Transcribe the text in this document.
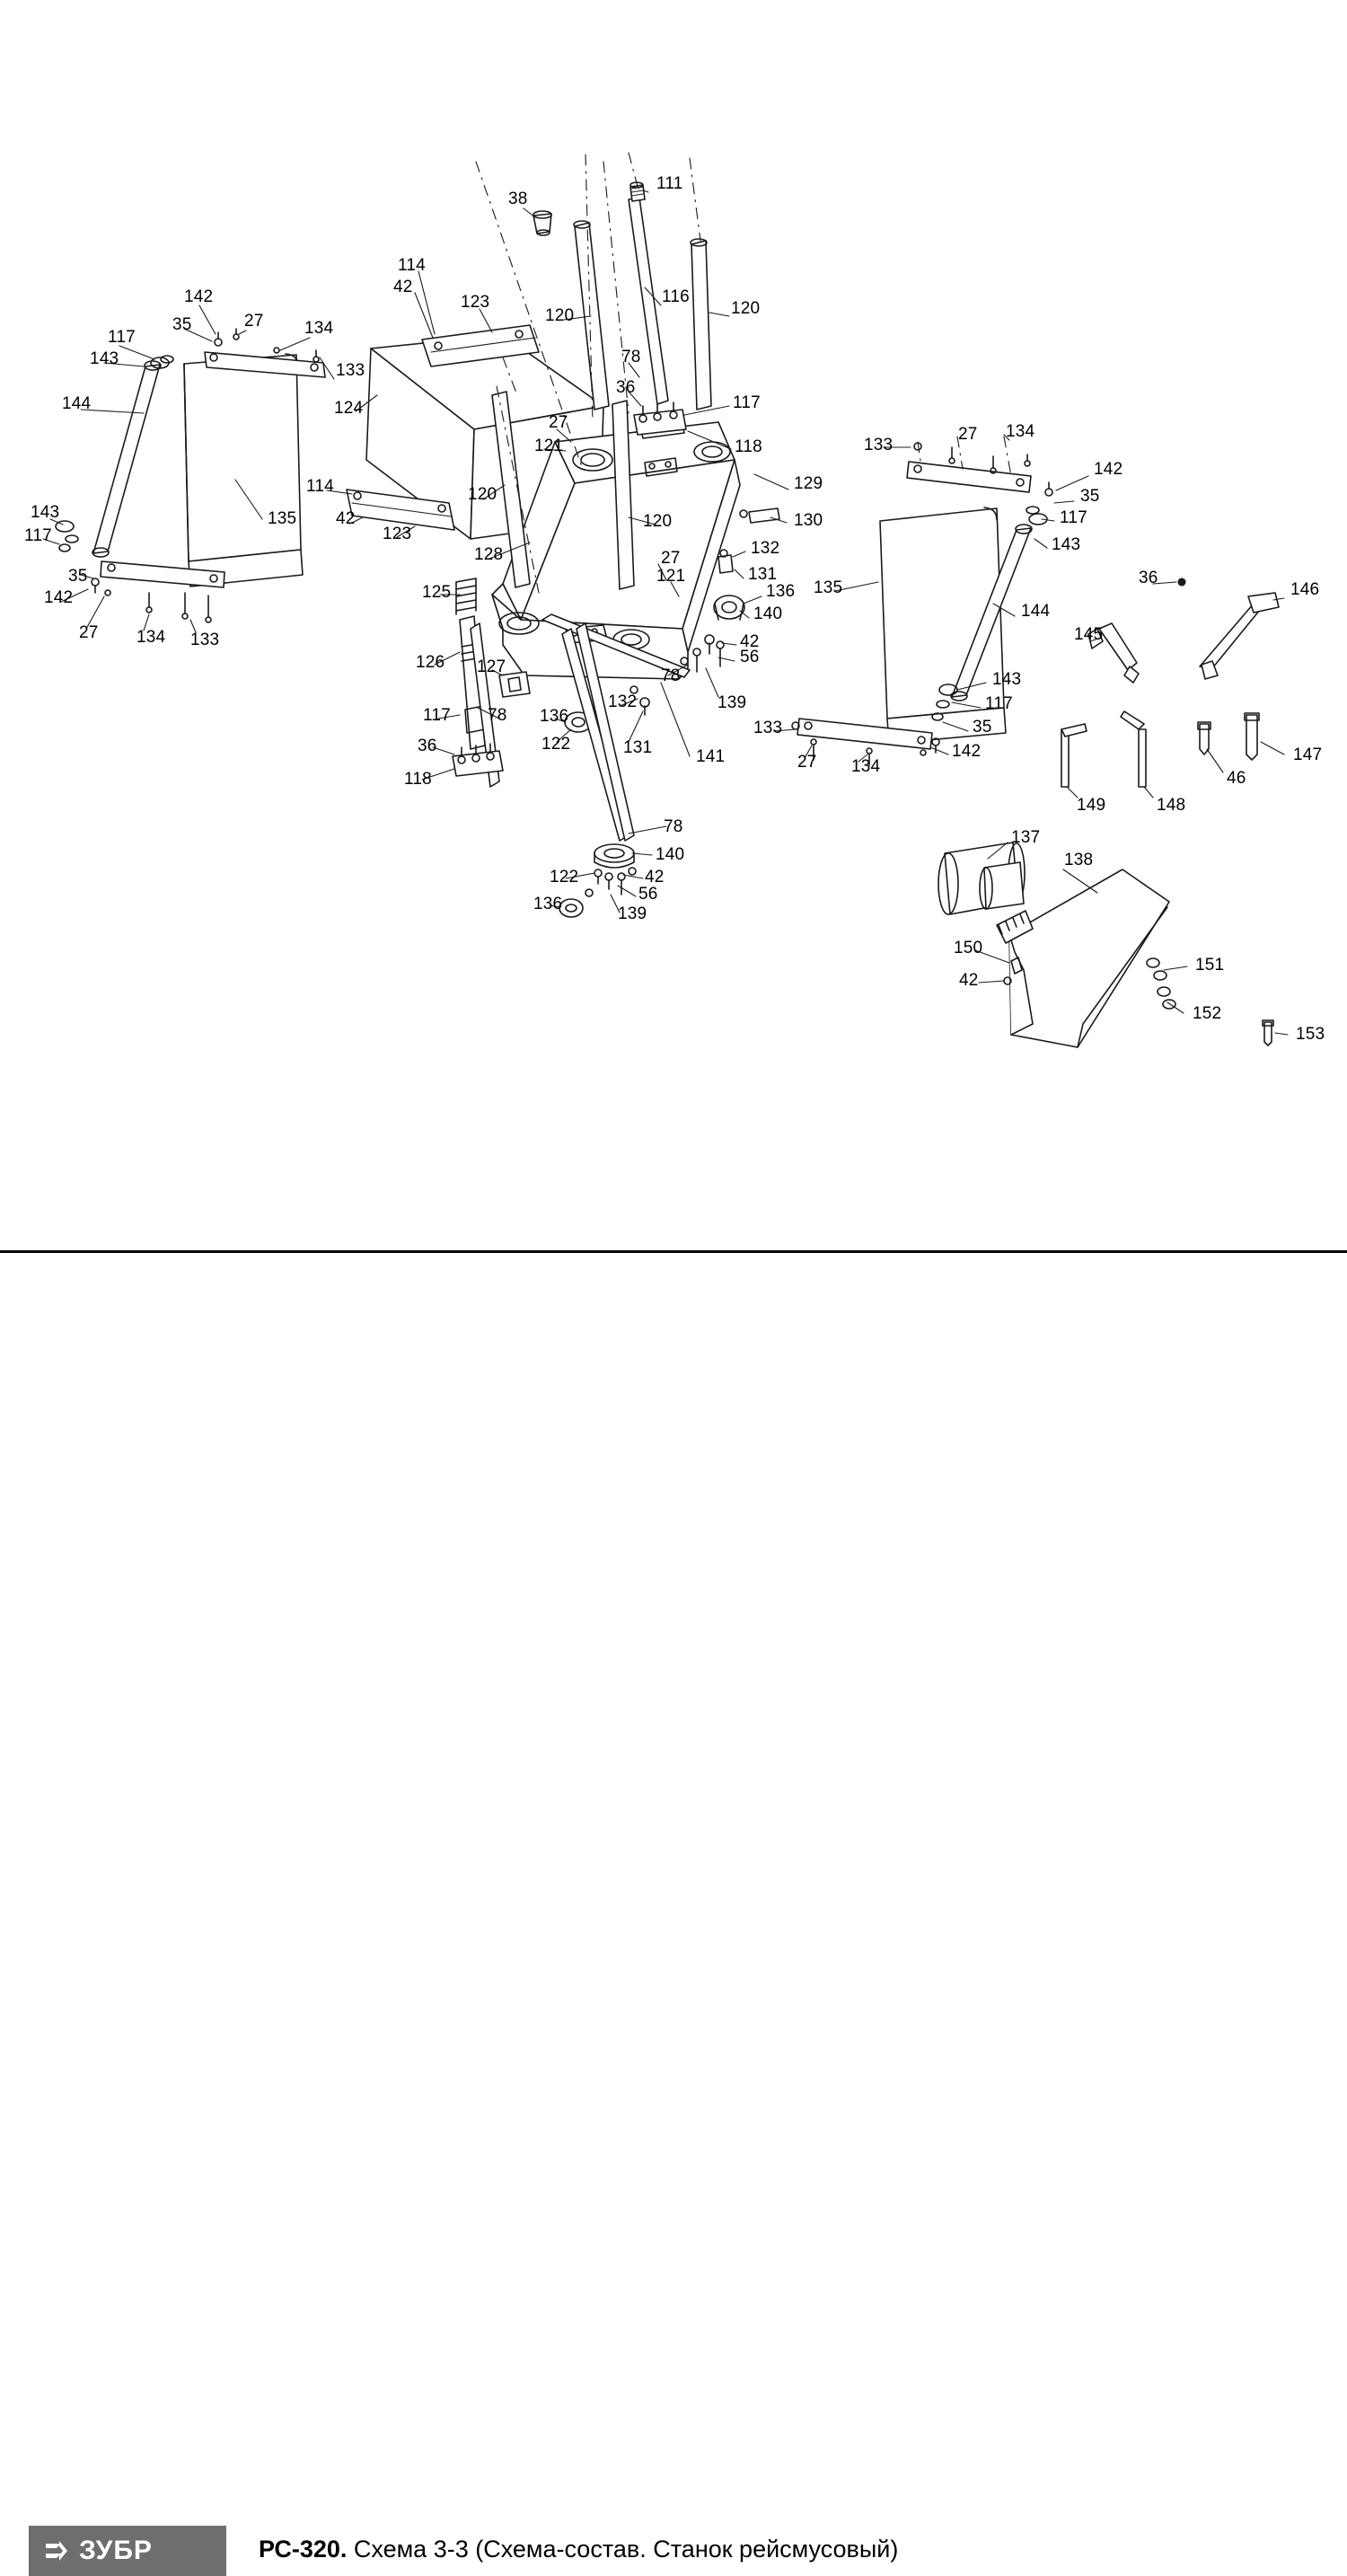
38
111
114
42
123
120
116
120
142
35	27 134
117
143
133
78
36
117
144	124
27
118
121	133
27 134
120
114	129
142
35
135 42
123
120	130	117
143
143
117
128	132
27
121	131
136
35
142	125	135
36
146
140	144
145
27 134 133	42
126 127	78
56
143
132	139	117
117 78 136
133	35
36	122	131	141	142
118
27 134
147
46
149	148
78
137
138
140
122	42
56
136
139
150
151
42
152
153
ЗУБР	РС-320. Схема 3-3 (Схема-состав. Станок рейсмусовый)
